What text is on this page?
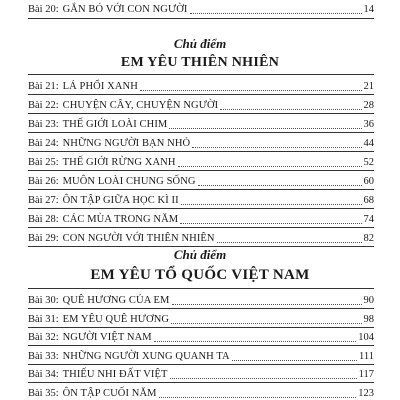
Bài 20: GẮN BÓ VỚI CON NGƯỜI	14
Chủ điểm
EM YÊU THIÊN NHIÊN
Bài 21: LÁ PHỔI XANH	21
Bài 22: CHUYỆN CÂY, CHUYỆN NGƯỜI	28
Bài 23: THẾ GIỚI LOÀI CHIM	36
Bài 24: NHỮNG NGƯỜI BẠN NHỎ	44
Bài 25: THẾ GIỚI RỪNG XANH	52
Bài 26: MUÔN LOÀI CHUNG SỐNG	60
Bài 27: ÔN TẬP GIỮA HỌC KÌ II	68
Bài 28: CÁC MÙA TRONG NĂM	74
Bài 29: CON NGƯỜI VỚI THIÊN NHIÊN	82
Chủ điểm
EM YÊU TỔ QUỐC VIỆT NAM
Bài 30: QUÊ HƯƠNG CỦA EM	90
Bài 31: EM YÊU QUÊ HƯƠNG	98
Bài 32: NGƯỜI VIỆT NAM	104
Bài 33: NHỮNG NGƯỜI XUNG QUANH TA	111
Bài 34: THIẾU NHI ĐẤT VIỆT	117
Bài 35: ÔN TẬP CUỐI NĂM	123
